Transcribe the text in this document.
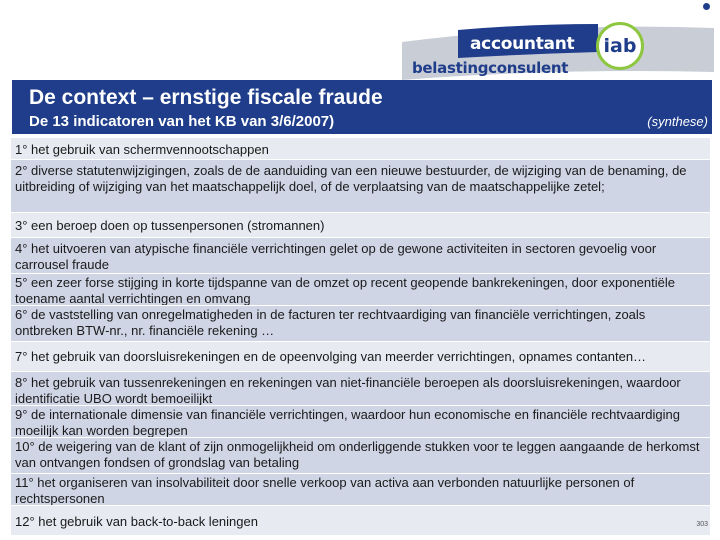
accountant
belastingconsulent
iab
De context – ernstige fiscale fraude
De 13 indicatoren van het KB van 3/6/2007)	(synthese)
1° het gebruik van schermvennootschappen
2° diverse statutenwijzigingen, zoals de de aanduiding van een nieuwe bestuurder, de wijziging van de benaming, de uitbreiding of wijziging van het maatschappelijk doel, of de verplaatsing van de maatschappelijke zetel;
3° een beroep doen op tussenpersonen (stromannen)
4° het uitvoeren van atypische financiële verrichtingen gelet op de gewone activiteiten in sectoren gevoelig voor carrousel fraude
5° een zeer forse stijging in korte tijdspanne van de omzet op recent geopende bankrekeningen, door exponentiële toename aantal verrichtingen en omvang
6° de vaststelling van onregelmatigheden in de facturen ter rechtvaardiging van financiële verrichtingen, zoals ontbreken BTW-nr., nr. financiële rekening …
7° het gebruik van doorsluisrekeningen en de opeenvolging van meerder verrichtingen, opnames contanten…
8° het gebruik van tussenrekeningen en rekeningen van niet-financiële beroepen als doorsluisrekeningen, waardoor identificatie UBO wordt bemoeilijkt
9° de internationale dimensie van financiële verrichtingen, waardoor hun economische en financiële rechtvaardiging moeilijk kan worden begrepen
10° de weigering van de klant of zijn onmogelijkheid om onderliggende stukken voor te leggen aangaande de herkomst van ontvangen fondsen of grondslag van betaling
11° het organiseren van insolvabiliteit door snelle verkoop van activa aan verbonden natuurlijke personen of rechtspersonen
12° het gebruik van back-to-back leningen	303
